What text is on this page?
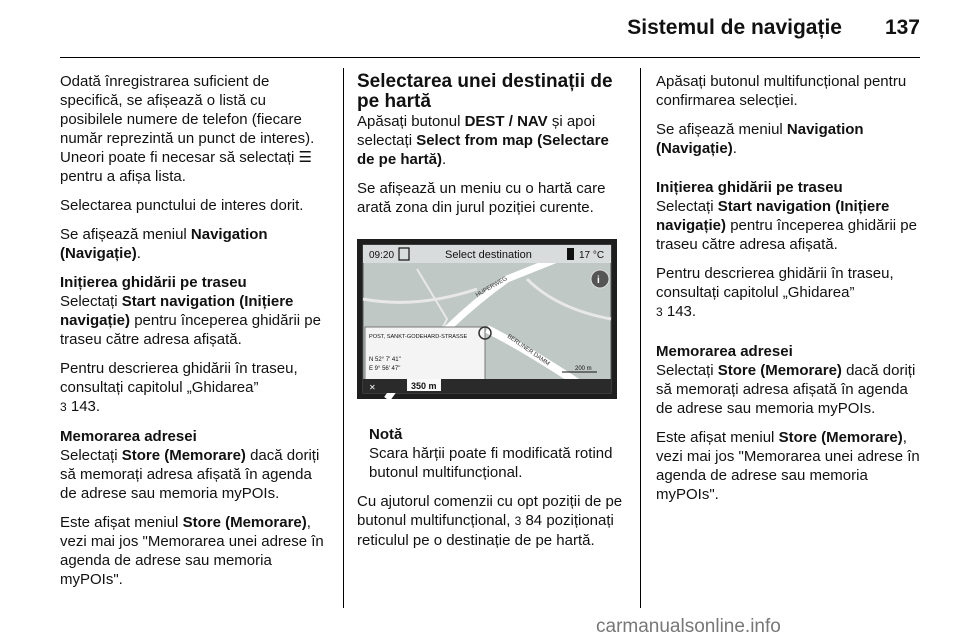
Sistemul de navigație 137

Odată înregistrarea suficient de specifică, se afișează o listă cu posibilele numere de telefon (fiecare număr reprezintă un punct de interes). Uneori poate fi necesar să selectați ☰ pentru a afișa lista.

Selectarea punctului de interes dorit.

Se afișează meniul Navigation (Navigație).

Inițierea ghidării pe traseu

Selectați Start navigation (Inițiere navigație) pentru începerea ghidării pe traseu către adresa afișată.

Pentru descrierea ghidării în traseu, consultați capitolul „Ghidarea”
3 143.

Memorarea adresei

Selectați Store (Memorare) dacă doriți să memorați adresa afișată în agenda de adrese sau memoria myPOIs.

Este afișat meniul Store (Memorare), vezi mai jos "Memorarea unei adrese în agenda de adrese sau memoria myPOIs".

Selectarea unei destinații de pe hartă

Apăsați butonul DEST / NAV și apoi selectați Select from map (Selectare de pe hartă).

Se afișează un meniu cu o hartă care arată zona din jurul poziției curente.

09:20	Select destination	17 °C
i
HUPERWEG
BERLINER DAMM
POST, SANKT-GODEHARD-STRASSE
N 52° 7' 41"
E 9° 56' 47"
✕	350 m
200 m
Notă

Scara hărții poate fi modificată rotind butonul multifuncțional.

Cu ajutorul comenzii cu opt poziții de pe butonul multifuncțional, 3 84 poziționați reticulul pe o destinație de pe hartă.

Apăsați butonul multifuncțional pentru confirmarea selecției.

Se afișează meniul Navigation (Navigație).

Inițierea ghidării pe traseu

Selectați Start navigation (Inițiere navigație) pentru începerea ghidării pe traseu către adresa afișată.

Pentru descrierea ghidării în traseu, consultați capitolul „Ghidarea”
3 143.

Memorarea adresei

Selectați Store (Memorare) dacă doriți să memorați adresa afișată în agenda de adrese sau memoria myPOIs.

Este afișat meniul Store (Memorare), vezi mai jos "Memorarea unei adrese în agenda de adrese sau memoria myPOIs".

carmanualsonline.info
